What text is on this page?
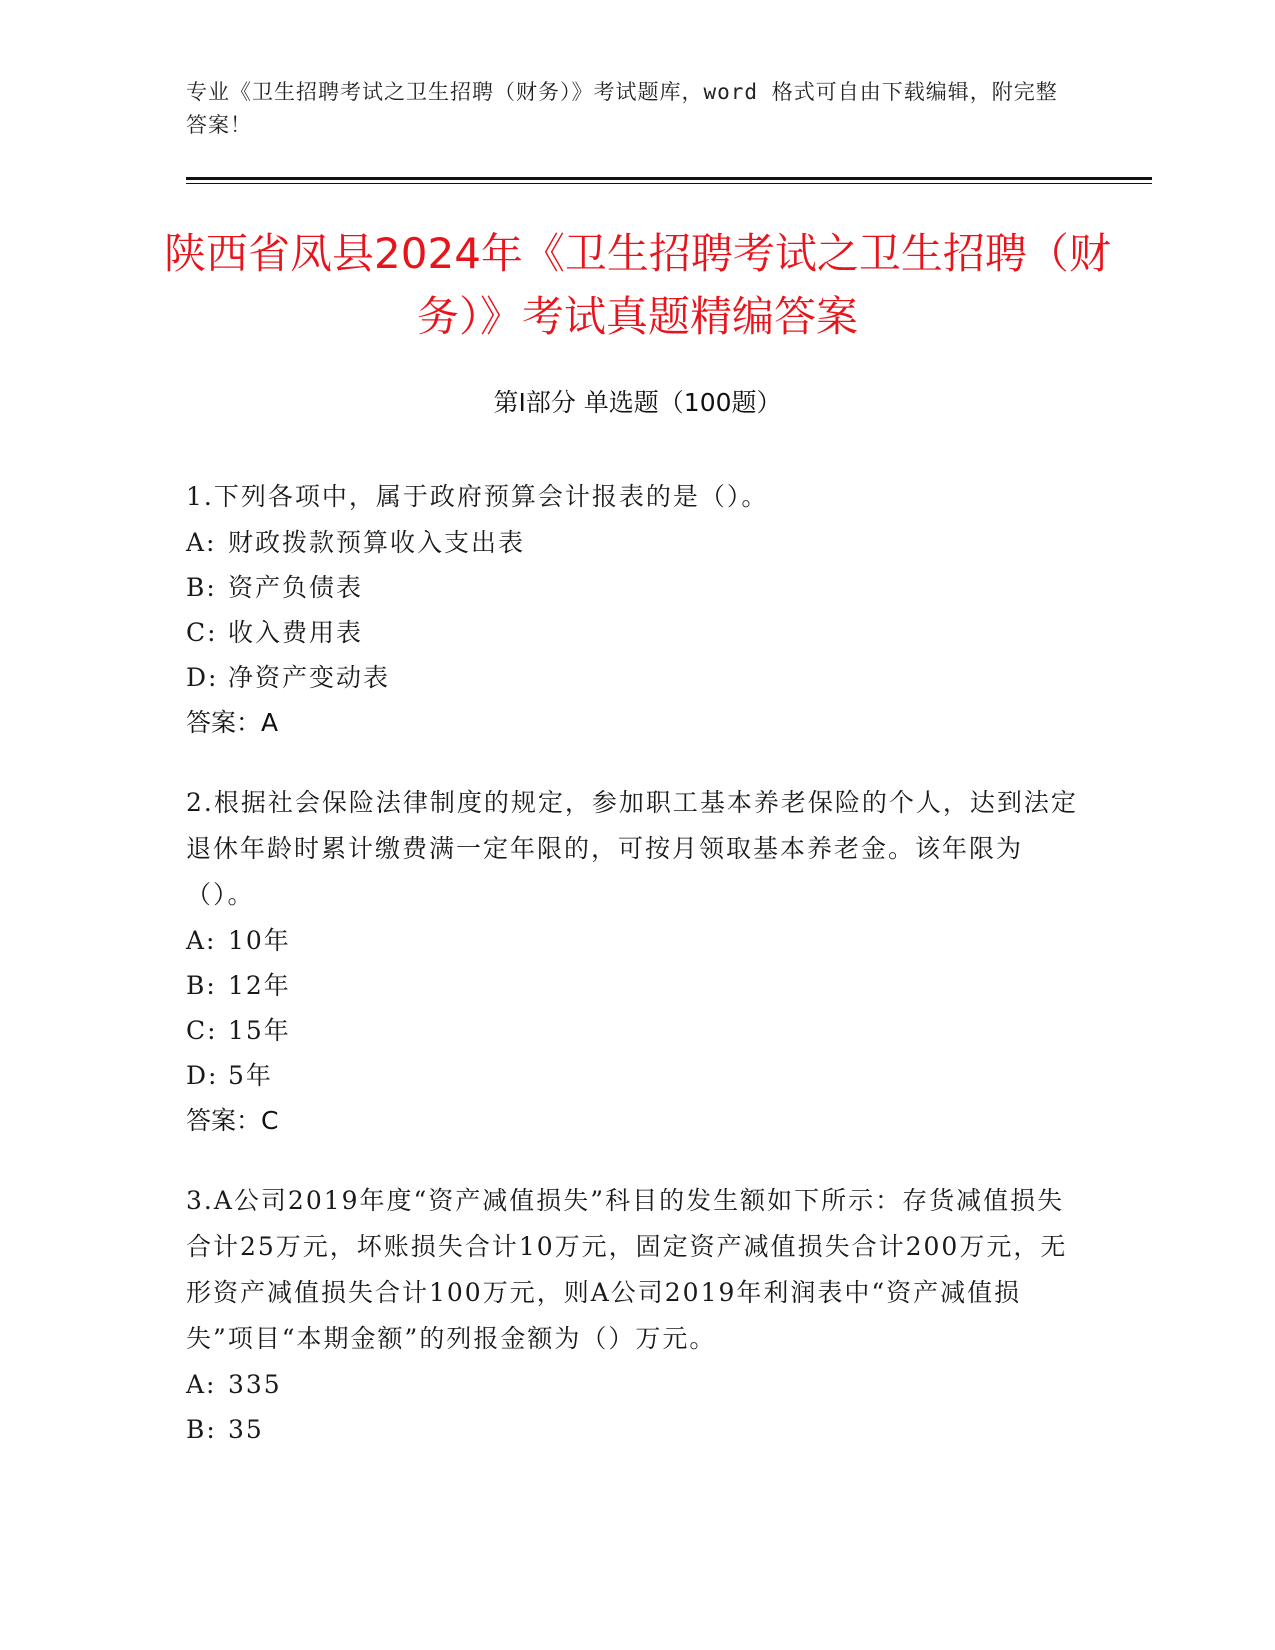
专业《卫生招聘考试之卫生招聘（财务）》考试题库，word 格式可自由下载编辑，附完整答案！
陕西省凤县2024年《卫生招聘考试之卫生招聘（财务）》考试真题精编答案
第Ⅰ部分 单选题（100题）

1.下列各项中，属于政府预算会计报表的是（）。

A: 财政拨款预算收入支出表

B: 资产负债表

C: 收入费用表

D: 净资产变动表

答案：A

2.根据社会保险法律制度的规定，参加职工基本养老保险的个人，达到法定退休年龄时累计缴费满一定年限的，可按月领取基本养老金。该年限为（）。

A: 10年

B: 12年

C: 15年

D: 5年

答案：C

3.A公司2019年度“资产减值损失”科目的发生额如下所示：存货减值损失合计25万元，坏账损失合计10万元，固定资产减值损失合计200万元，无形资产减值损失合计100万元，则A公司2019年利润表中“资产减值损失”项目“本期金额”的列报金额为（）万元。

A: 335

B: 35
